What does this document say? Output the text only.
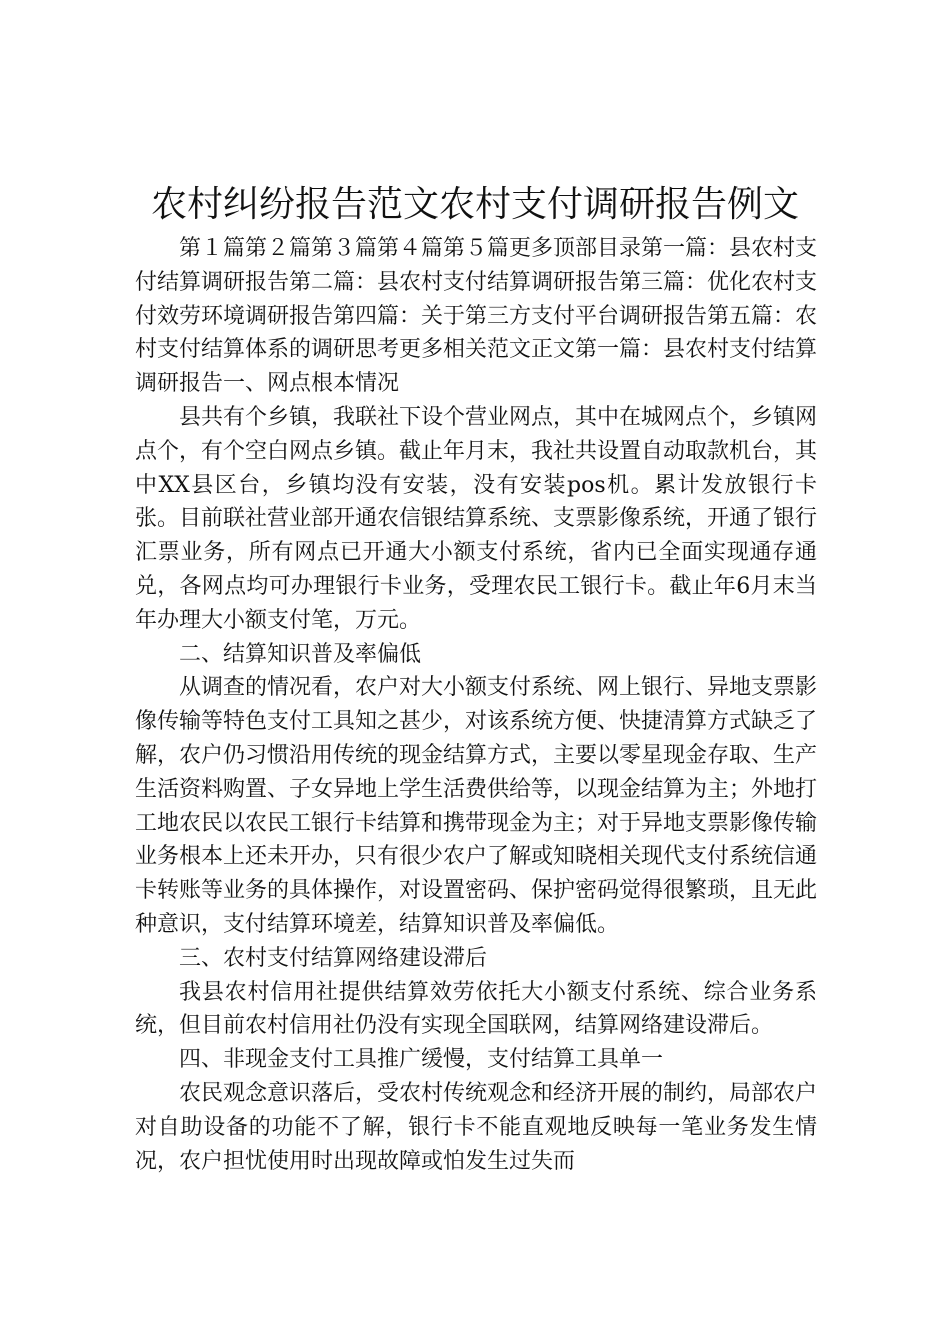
农村纠纷报告范文农村支付调研报告例文

第１篇第２篇第３篇第４篇第５篇更多顶部目录第一篇：县农村支付结算调研报告第二篇：县农村支付结算调研报告第三篇：优化农村支付效劳环境调研报告第四篇：关于第三方支付平台调研报告第五篇：农村支付结算体系的调研思考更多相关范文正文第一篇：县农村支付结算调研报告一、网点根本情况

县共有个乡镇，我联社下设个营业网点，其中在城网点个，乡镇网点个，有个空白网点乡镇。截止年月末，我社共设置自动取款机台，其中XX县区台，乡镇均没有安装，没有安装pos机。累计发放银行卡张。目前联社营业部开通农信银结算系统、支票影像系统，开通了银行汇票业务，所有网点已开通大小额支付系统，省内已全面实现通存通兑，各网点均可办理银行卡业务，受理农民工银行卡。截止年6月末当年办理大小额支付笔，万元。

二、结算知识普及率偏低

从调查的情况看，农户对大小额支付系统、网上银行、异地支票影像传输等特色支付工具知之甚少，对该系统方便、快捷清算方式缺乏了解，农户仍习惯沿用传统的现金结算方式，主要以零星现金存取、生产生活资料购置、子女异地上学生活费供给等，以现金结算为主；外地打工地农民以农民工银行卡结算和携带现金为主；对于异地支票影像传输业务根本上还未开办，只有很少农户了解或知晓相关现代支付系统信通卡转账等业务的具体操作，对设置密码、保护密码觉得很繁琐，且无此种意识，支付结算环境差，结算知识普及率偏低。

三、农村支付结算网络建设滞后

我县农村信用社提供结算效劳依托大小额支付系统、综合业务系统，但目前农村信用社仍没有实现全国联网，结算网络建设滞后。

四、非现金支付工具推广缓慢，支付结算工具单一

农民观念意识落后，受农村传统观念和经济开展的制约，局部农户对自助设备的功能不了解，银行卡不能直观地反映每一笔业务发生情况，农户担忧使用时出现故障或怕发生过失而
